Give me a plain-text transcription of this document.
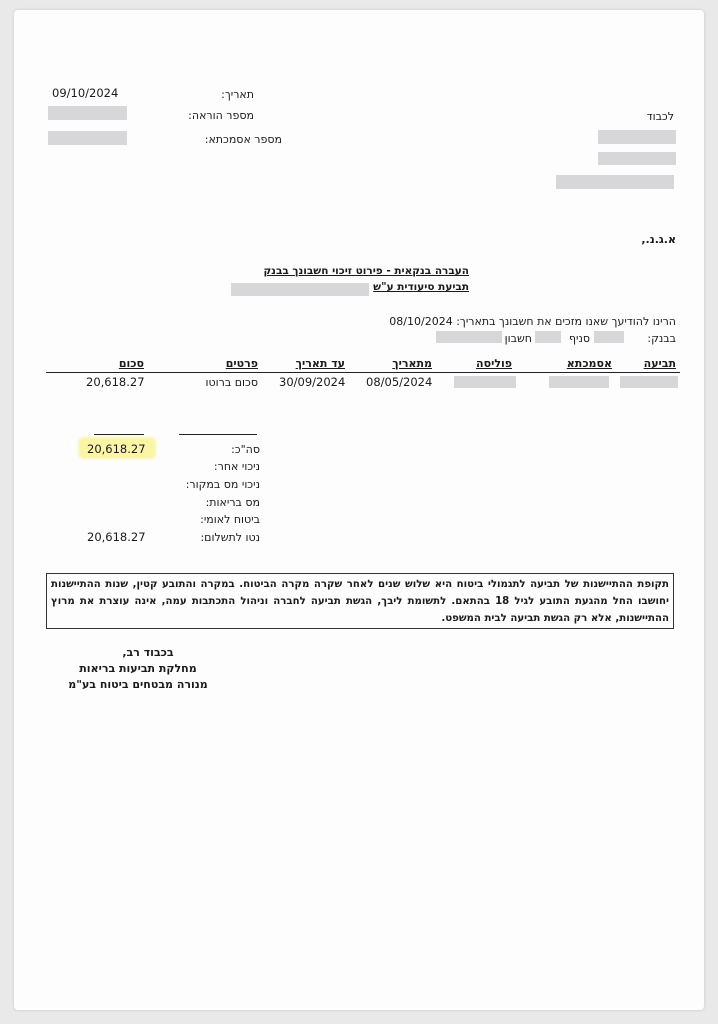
09/10/2024	תאריך:
מספר הוראה:
מספר אסמכתא:
לכבוד
א.ג.נ.,
העברה בנקאית - פירוט זיכוי חשבונך בבנק
תביעת סיעודית ע"ש
הרינו להודיעך שאנו מזכים את חשבונך בתאריך: 08/10/2024
בבנק:
סניף
חשבון
תביעה
אסמכתא
פוליסה
מתאריך
עד תאריך
פרטים
סכום
08/05/2024
30/09/2024
סכום ברוטו
20,618.27
20,618.27	סה"כ:
ניכוי אחר:
ניכוי מס במקור:
מס בריאות:
ביטוח לאומי:
נטו לתשלום:
20,618.27
תקופת ההתיישנות של תביעה לתגמולי ביטוח היא שלוש שנים לאחר שקרה מקרה הביטוח. במקרה והתובע קטין, שנות ההתיישנות יחושבו החל מהגעת התובע לגיל 18 בהתאם. לתשומת ליבך, הגשת תביעה לחברה וניהול התכתבות עמה, אינה עוצרת את מרוץ ההתיישנות, אלא רק הגשת תביעה לבית המשפט.
בכבוד רב,
מחלקת תביעות בריאות
מנורה מבטחים ביטוח בע"מ
